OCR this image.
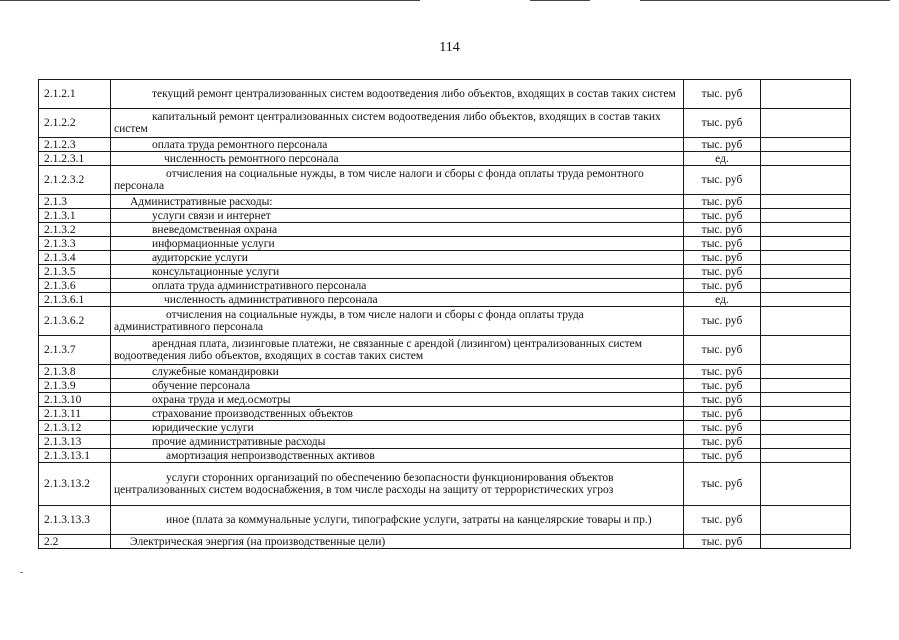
114
2.1.2.1	текущий ремонт централизованных систем водоотведения либо объектов, входящих в состав таких систем	тыс. руб	
2.1.2.2	капитальный ремонт централизованных систем водоотведения либо объектов, входящих в состав таких систем	тыс. руб	
2.1.2.3	оплата труда ремонтного персонала	тыс. руб	
2.1.2.3.1	численность ремонтного персонала	ед.	
2.1.2.3.2	отчисления на социальные нужды, в том числе налоги и сборы с фонда оплаты труда ремонтного персонала	тыс. руб	
2.1.3	Административные расходы:	тыс. руб	
2.1.3.1	услуги связи и интернет	тыс. руб	
2.1.3.2	вневедомственная охрана	тыс. руб	
2.1.3.3	информационные услуги	тыс. руб	
2.1.3.4	аудиторские услуги	тыс. руб	
2.1.3.5	консультационные услуги	тыс. руб	
2.1.3.6	оплата труда административного персонала	тыс. руб	
2.1.3.6.1	численность административного персонала	ед.	
2.1.3.6.2	отчисления на социальные нужды, в том числе налоги и сборы с фонда оплаты труда административного персонала	тыс. руб	
2.1.3.7	арендная плата, лизинговые платежи, не связанные с арендой (лизингом) централизованных систем водоотведения либо объектов, входящих в состав таких систем	тыс. руб	
2.1.3.8	служебные командировки	тыс. руб	
2.1.3.9	обучение персонала	тыс. руб	
2.1.3.10	охрана труда и мед.осмотры	тыс. руб	
2.1.3.11	страхование производственных объектов	тыс. руб	
2.1.3.12	юридические услуги	тыс. руб	
2.1.3.13	прочие административные расходы	тыс. руб	
2.1.3.13.1	амортизация непроизводственных активов	тыс. руб	
2.1.3.13.2	услуги сторонних организаций по обеспечению безопасности функционирования объектов централизованных систем водоснабжения, в том числе расходы на защиту от террористических угроз	тыс. руб	
2.1.3.13.3	иное (плата за коммунальные услуги, типографские услуги, затраты на канцелярские товары и пр.)	тыс. руб	
2.2	Электрическая энергия (на производственные цели)	тыс. руб	
